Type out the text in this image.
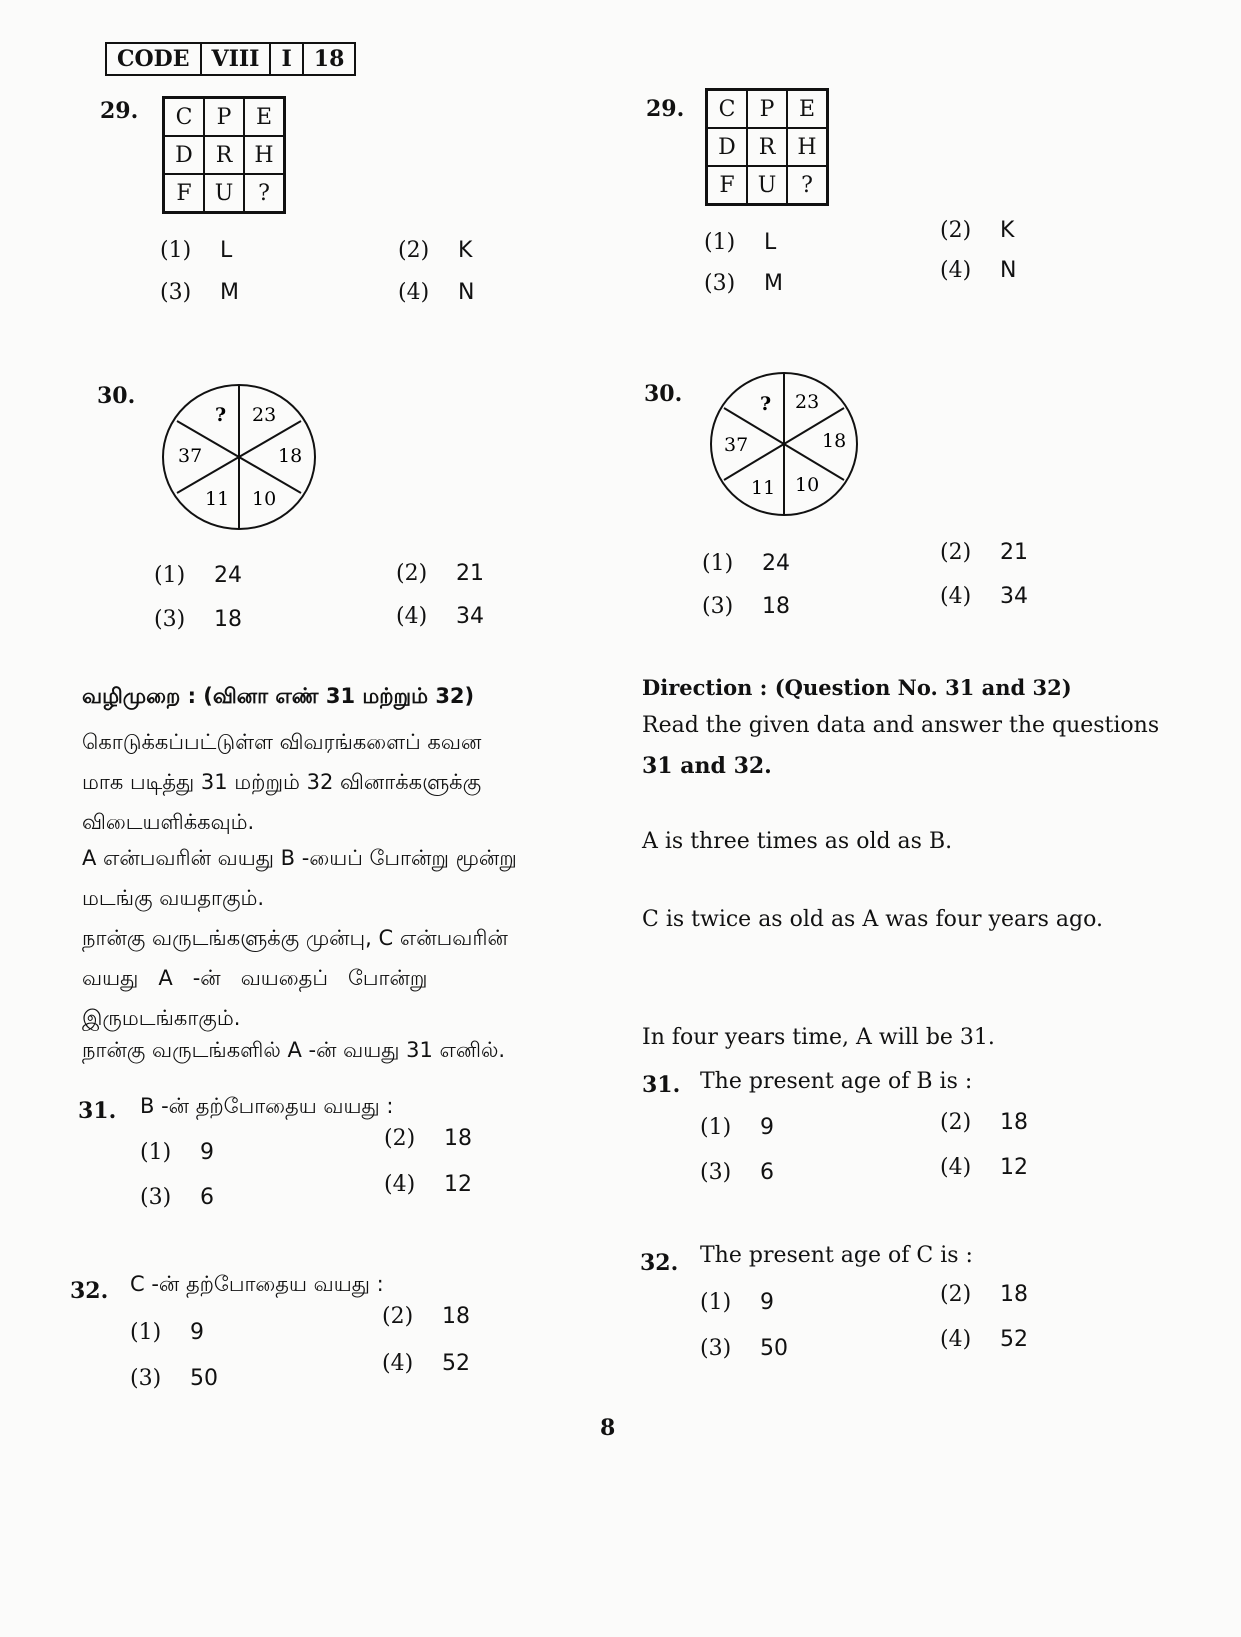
CODE	VIII	I	18
29.	C	P	E
D	R	H
F	U	?
(1) L	(2) K
(3) M	(4) N
30.
? 23
18
10
11
37
(1) 24	(2) 21
(3) 18	(4) 34
வழிமுறை : (வினா எண் 31 மற்றும் 32)
கொடுக்கப்பட்டுள்ள விவரங்களைப் கவன
மாக படித்து 31 மற்றும் 32 வினாக்களுக்கு
விடையளிக்கவும்.
A என்பவரின் வயது B -யைப் போன்று மூன்று
மடங்கு வயதாகும்.
நான்கு வருடங்களுக்கு முன்பு, C என்பவரின்
வயது   A   -ன்   வயதைப்   போன்று
இருமடங்காகும்.
நான்கு வருடங்களில் A -ன் வயது 31 எனில்.
31. B -ன் தற்போதைய வயது :
(1) 9
(2) 18
(3) 6
(4) 12
32. C -ன் தற்போதைய வயது :
(1) 9
(2) 18
(3) 50
(4) 52
29.	C	P	E
D	R	H
F	U	?
(1) L	(2) K
(3) M
(4) N
30.	? 23
18
10
11
37
(1) 24	(2) 21
(3) 18	(4) 34
Direction : (Question No. 31 and 32)
Read the given data and answer the questions
31 and 32.
A is three times as old as B.
C is twice as old as A was four years ago.
In four years time, A will be 31.
31. The present age of B is :
(1) 9	(2) 18
(3) 6	(4) 12
32. The present age of C is :
(1) 9	(2) 18
(3) 50	(4) 52
8
